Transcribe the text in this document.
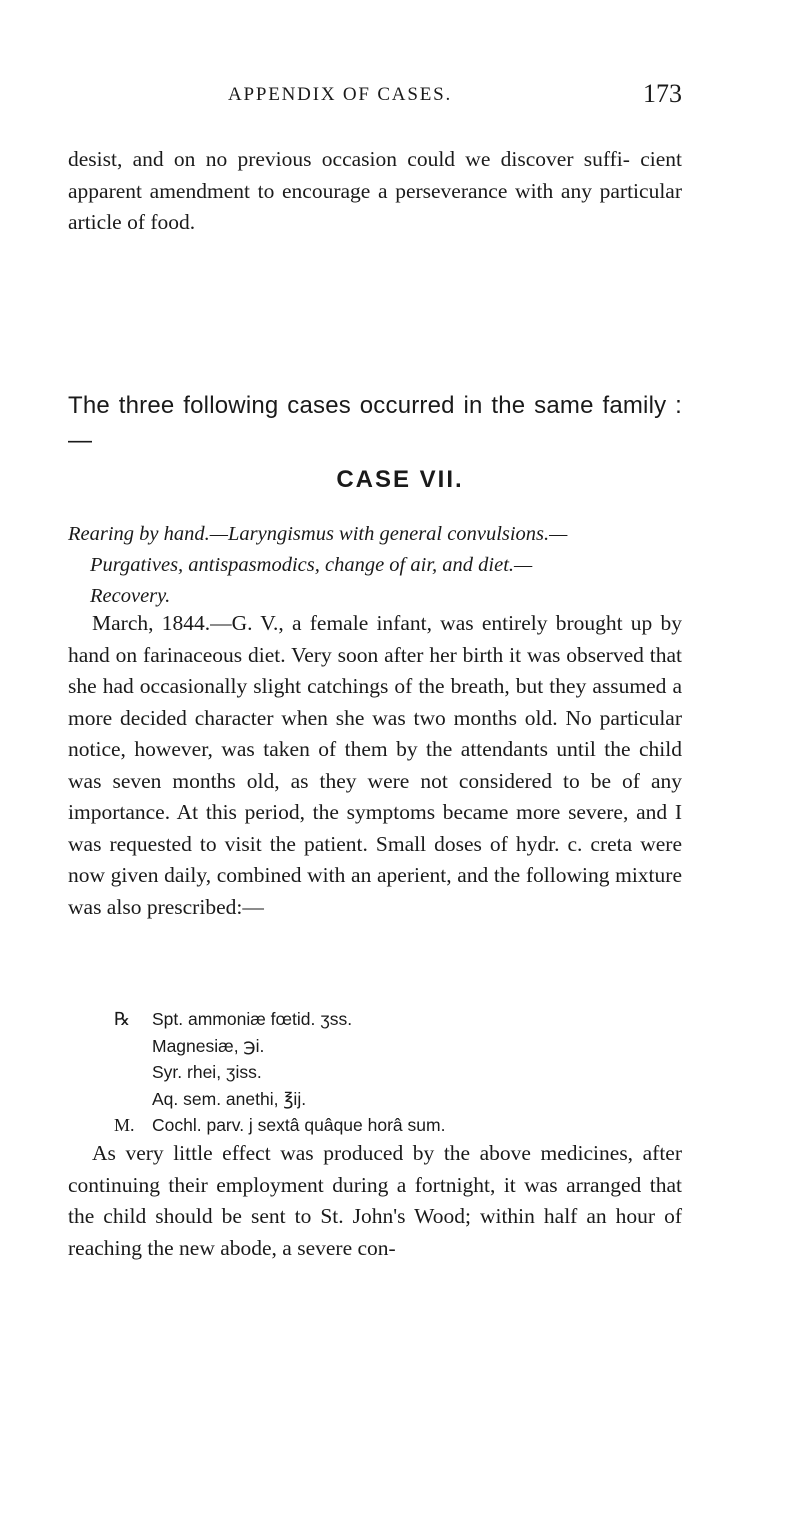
APPENDIX OF CASES.	173

desist, and on no previous occasion could we discover suffi- cient apparent amendment to encourage a perseverance with any particular article of food.

The three following cases occurred in the same family :—

CASE VII.

Rearing by hand.—Laryngismus with general convulsions.—

Purgatives, antispasmodics, change of air, and diet.—
Recovery.

March, 1844.—G. V., a female infant, was entirely brought up by hand on farinaceous diet. Very soon after her birth it was observed that she had occasionally slight catchings of the breath, but they assumed a more decided character when she was two months old. No particular notice, however, was taken of them by the attendants until the child was seven months old, as they were not considered to be of any importance. At this period, the symptoms became more severe, and I was requested to visit the patient. Small doses of hydr. c. creta were now given daily, combined with an aperient, and the following mixture was also prescribed:—

℞ Spt. ammoniæ fœtid. ʒss.
Magnesiæ, ℈i.
Syr. rhei, ʒiss.
Aq. sem. anethi, ℥ij.
M. Cochl. parv. j sextâ quâque horâ sum.

As very little effect was produced by the above medicines, after continuing their employment during a fortnight, it was arranged that the child should be sent to St. John's Wood; within half an hour of reaching the new abode, a severe con-
